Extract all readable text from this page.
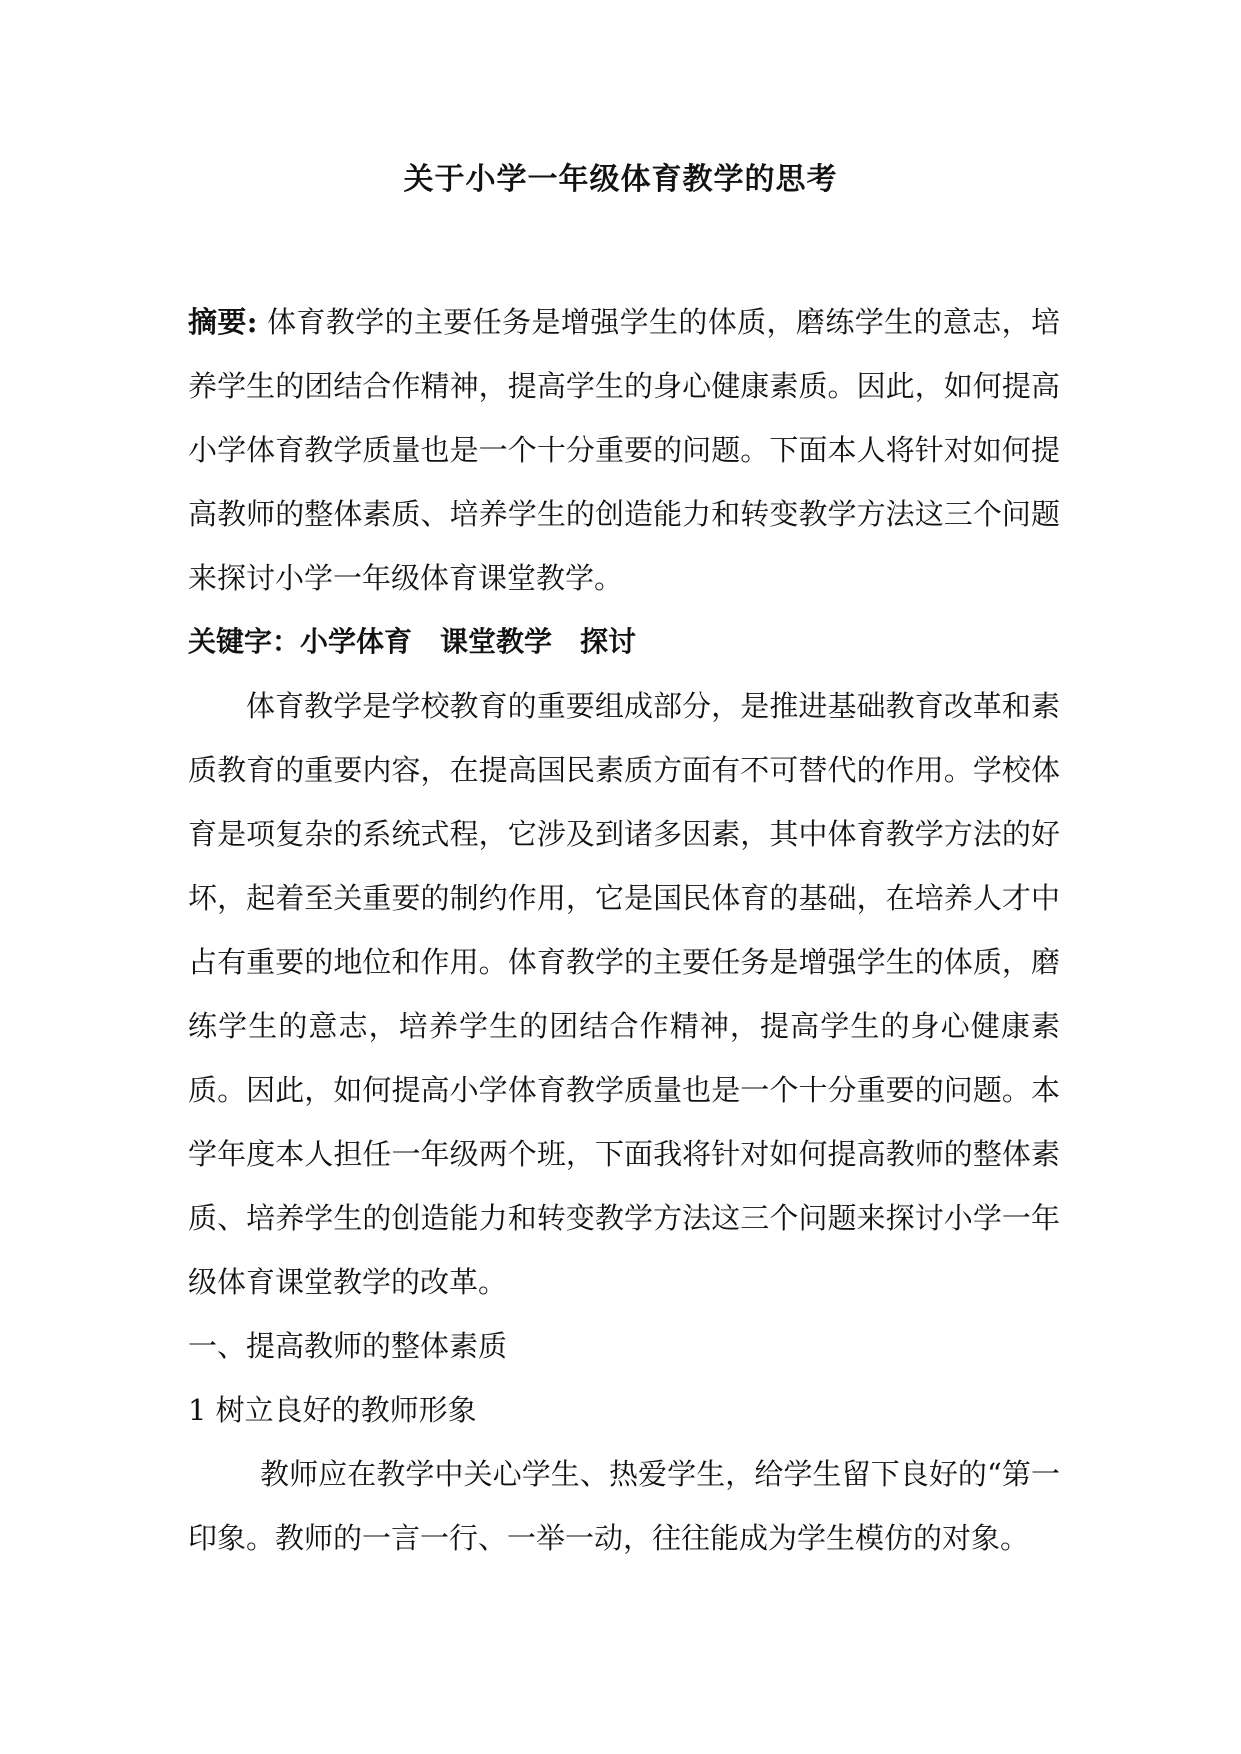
关于小学一年级体育教学的思考

摘要: 体育教学的主要任务是增强学生的体质，磨练学生的意志，培养学生的团结合作精神，提高学生的身心健康素质。因此，如何提高小学体育教学质量也是一个十分重要的问题。下面本人将针对如何提高教师的整体素质、培养学生的创造能力和转变教学方法这三个问题来探讨小学一年级体育课堂教学。

关键字：小学体育 课堂教学 探讨

体育教学是学校教育的重要组成部分，是推进基础教育改革和素质教育的重要内容，在提高国民素质方面有不可替代的作用。学校体育是项复杂的系统式程，它涉及到诸多因素，其中体育教学方法的好坏，起着至关重要的制约作用，它是国民体育的基础，在培养人才中占有重要的地位和作用。体育教学的主要任务是增强学生的体质，磨练学生的意志，培养学生的团结合作精神，提高学生的身心健康素质。因此，如何提高小学体育教学质量也是一个十分重要的问题。本学年度本人担任一年级两个班，下面我将针对如何提高教师的整体素质、培养学生的创造能力和转变教学方法这三个问题来探讨小学一年级体育课堂教学的改革。

一、提高教师的整体素质

1 树立良好的教师形象

教师应在教学中关心学生、热爱学生，给学生留下良好的“第一印象。教师的一言一行、一举一动，往往能成为学生模仿的对象。
